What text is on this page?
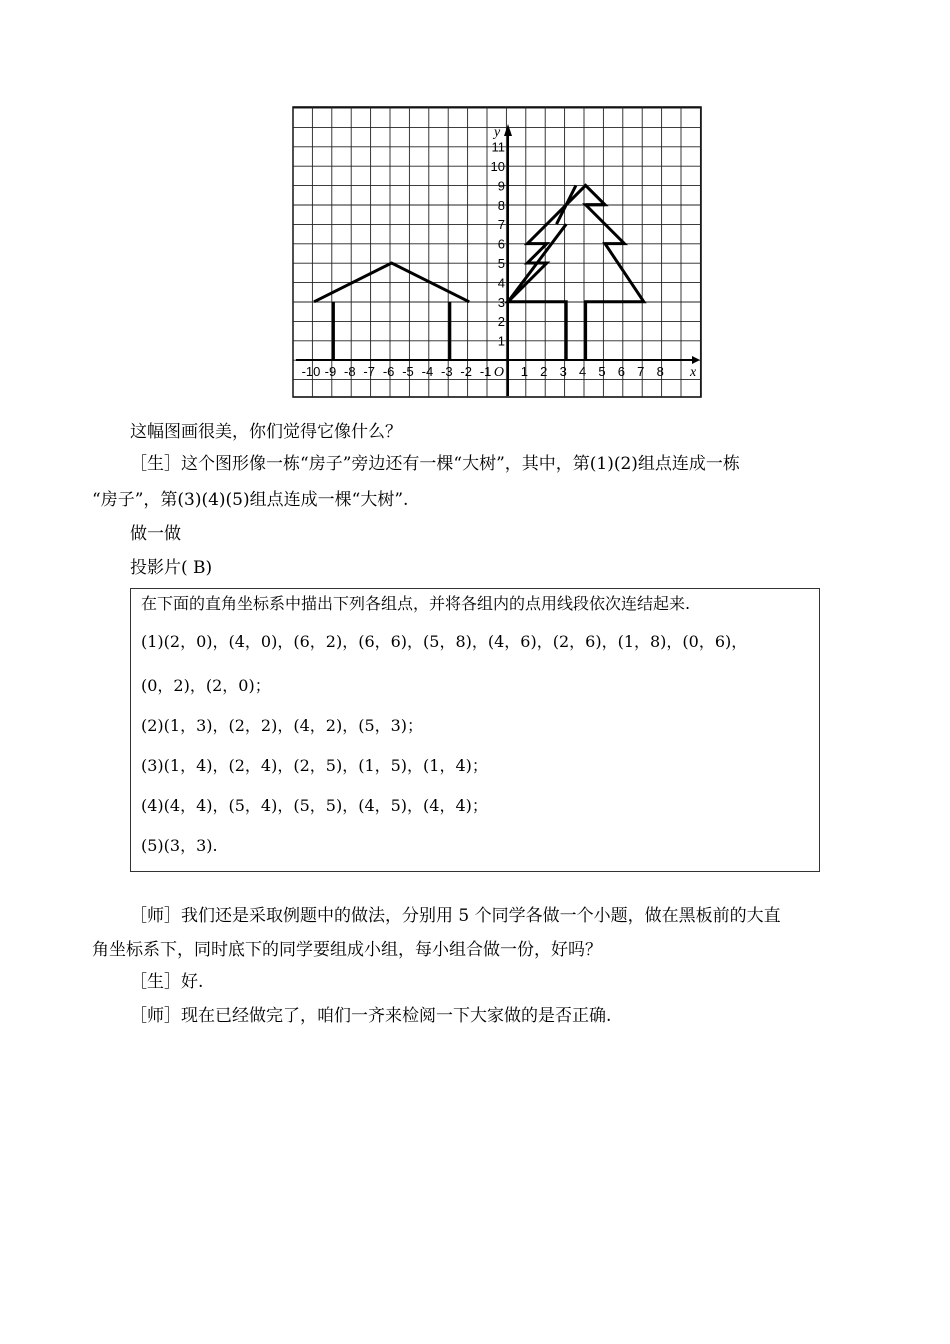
-10 -9 -8 -7 -6 -5 -4 -3 -2 -1 1 2 3 4 5 6 7 8
1
2
3
4
5
6
7
8
9
10
11
O	x
y
这幅图画很美，你们觉得它像什么？
［生］这个图形像一栋“房子”旁边还有一棵“大树”，其中，第(1)(2)组点连成一栋
“房子”，第(3)(4)(5)组点连成一棵“大树”.
做一做
投影片( B)
在下面的直角坐标系中描出下列各组点，并将各组内的点用线段依次连结起来.
(1)(2，0)，(4，0)，(6，2)，(6，6)，(5，8)，(4，6)，(2，6)，(1，8)，(0，6)，
(0，2)，(2，0)；
(2)(1，3)，(2，2)，(4，2)，(5，3)；
(3)(1，4)，(2，4)，(2，5)，(1，5)，(1，4)；
(4)(4，4)，(5，4)，(5，5)，(4，5)，(4，4)；
(5)(3，3).
［师］我们还是采取例题中的做法，分别用 5 个同学各做一个小题，做在黑板前的大直
角坐标系下，同时底下的同学要组成小组，每小组合做一份，好吗？
［生］好.
［师］现在已经做完了，咱们一齐来检阅一下大家做的是否正确.
